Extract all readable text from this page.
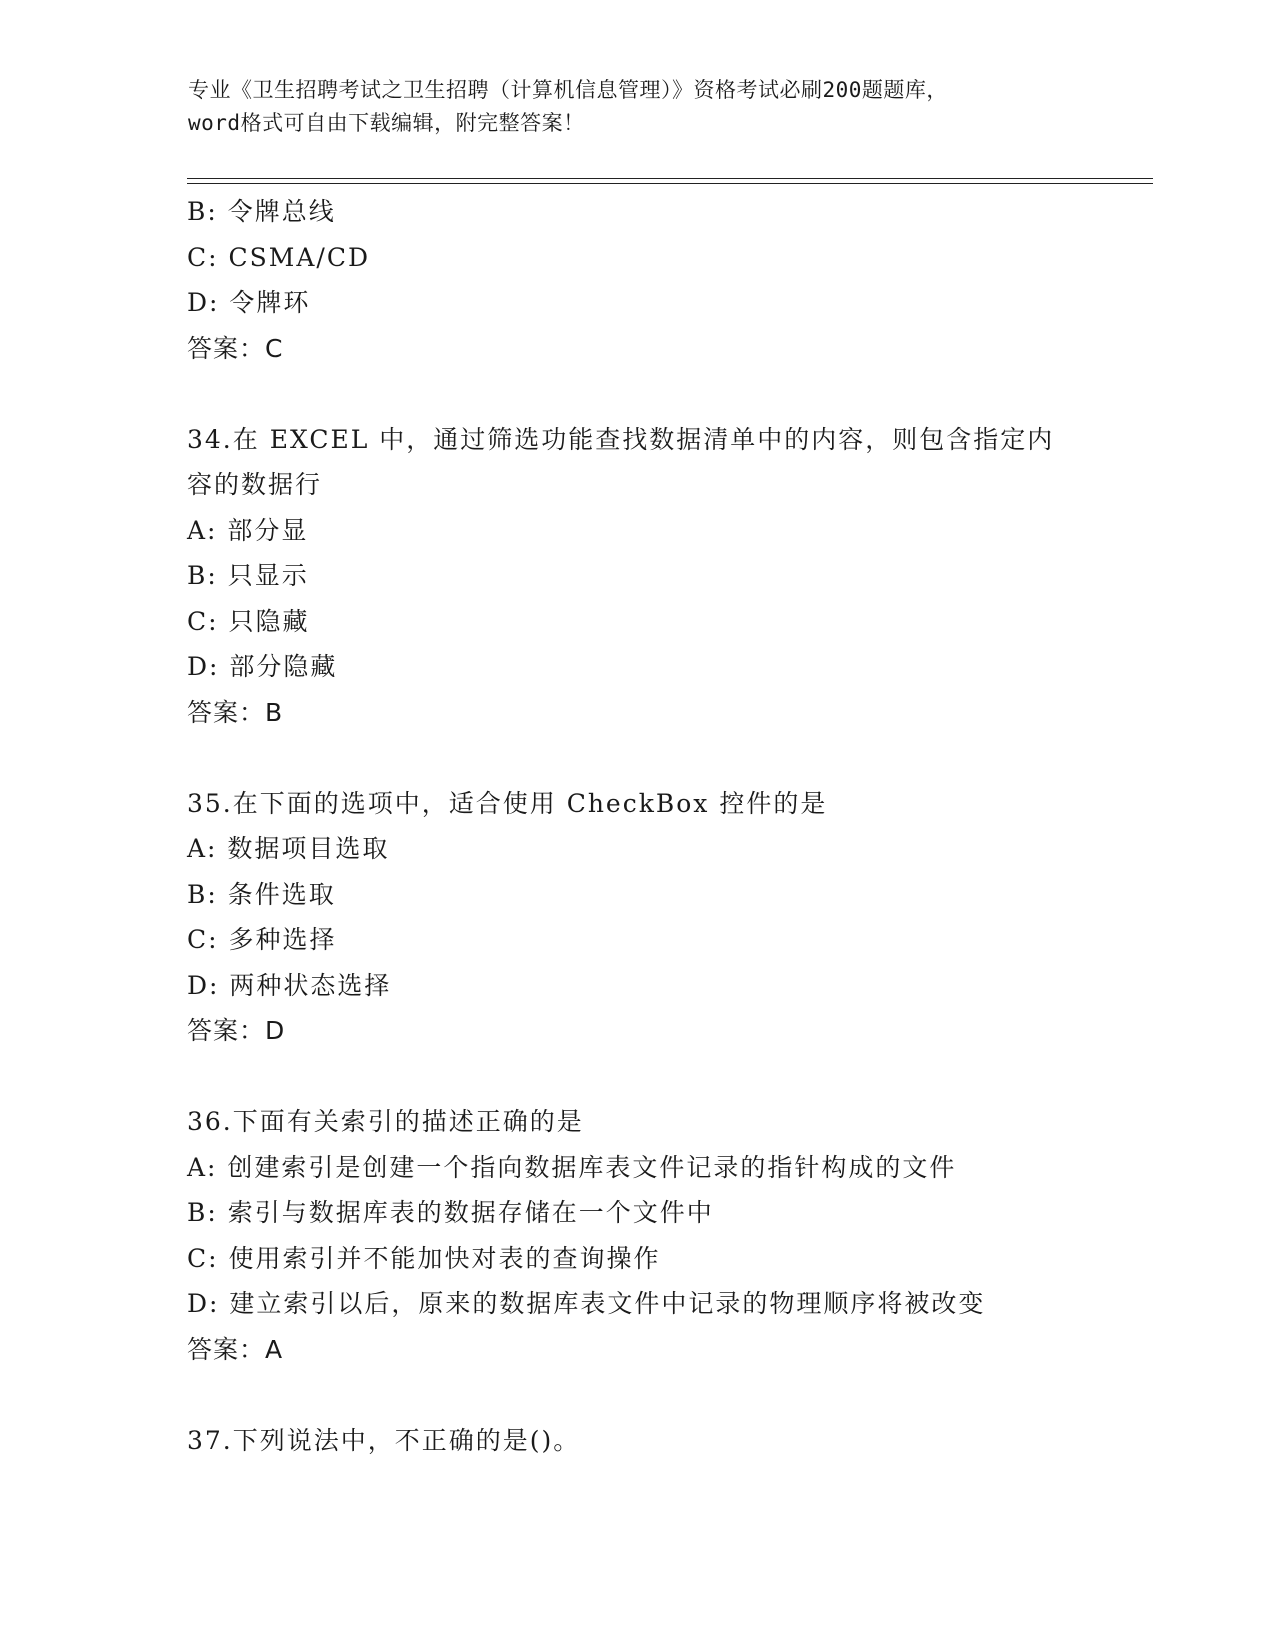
专业《卫生招聘考试之卫生招聘（计算机信息管理）》资格考试必刷200题题库，
word格式可自由下载编辑，附完整答案！
B: 令牌总线
C: CSMA/CD
D: 令牌环
答案：C
34.在 EXCEL 中，通过筛选功能查找数据清单中的内容，则包含指定内
容的数据行
A: 部分显
B: 只显示
C: 只隐藏
D: 部分隐藏
答案：B
35.在下面的选项中，适合使用 CheckBox 控件的是
A: 数据项目选取
B: 条件选取
C: 多种选择
D: 两种状态选择
答案：D
36.下面有关索引的描述正确的是
A: 创建索引是创建一个指向数据库表文件记录的指针构成的文件
B: 索引与数据库表的数据存储在一个文件中
C: 使用索引并不能加快对表的查询操作
D: 建立索引以后，原来的数据库表文件中记录的物理顺序将被改变
答案：A
37.下列说法中，不正确的是()。
